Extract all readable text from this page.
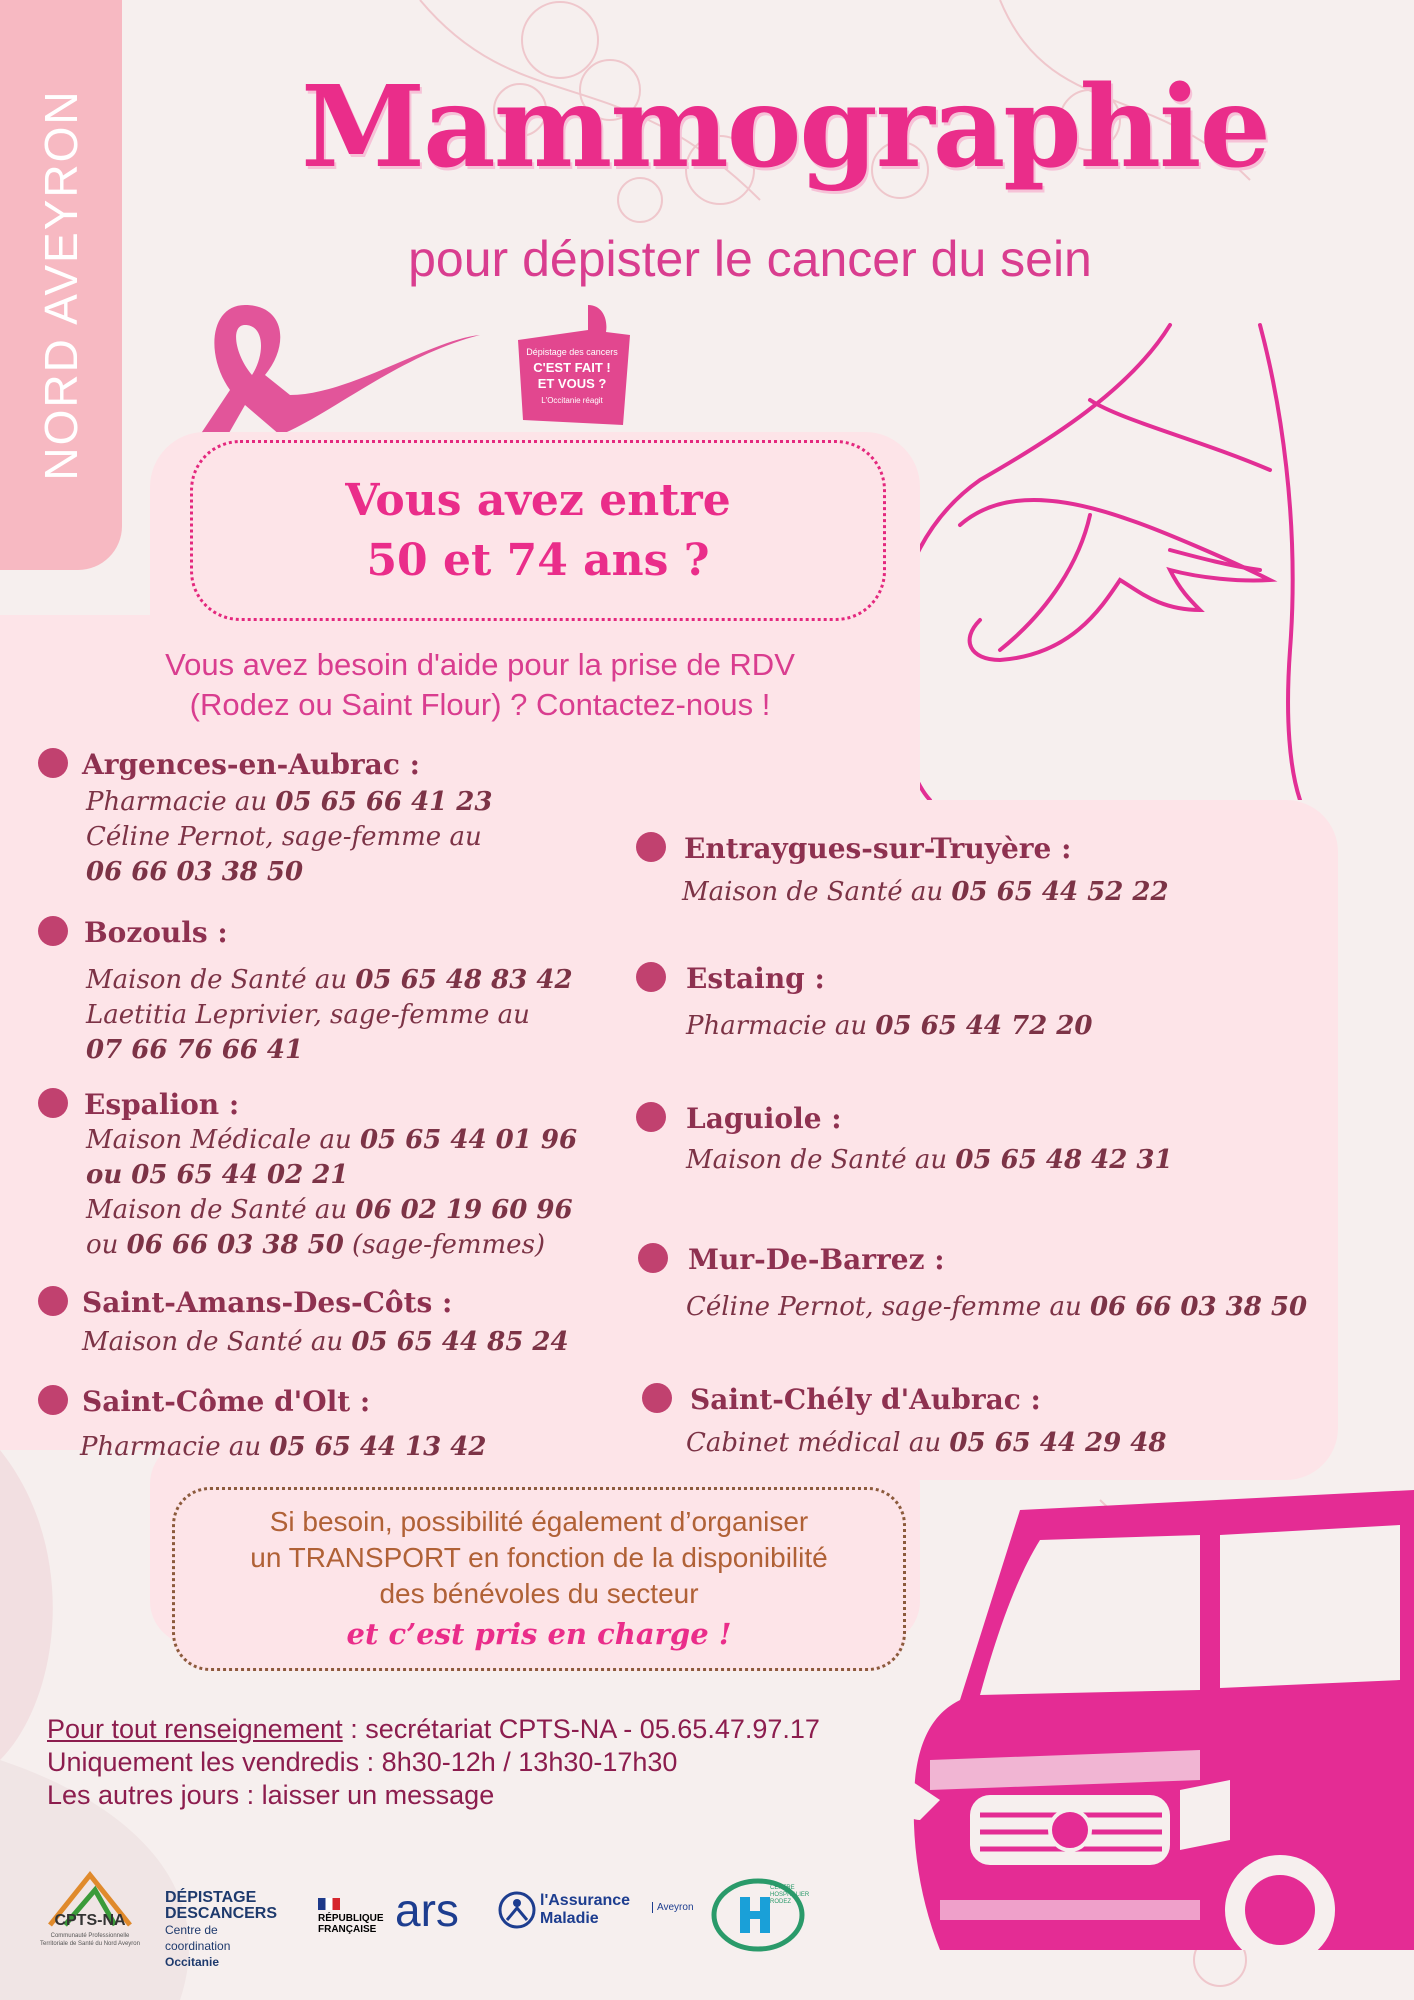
NORD AVEYRON	Mammographie
pour dépister le cancer du sein
Dépistage des cancers
C'EST FAIT !
ET VOUS ?
L'Occitanie réagit
Vous avez entre
50 et 74 ans ?
Vous avez besoin d'aide pour la prise de RDV
(Rodez ou Saint Flour) ? Contactez-nous !
Argences-en-Aubrac :
Pharmacie au 05 65 66 41 23
Céline Pernot, sage-femme au
06 66 03 38 50
Bozouls :
Maison de Santé au 05 65 48 83 42
Laetitia Leprivier, sage-femme au
07 66 76 66 41
Espalion :
Maison Médicale au 05 65 44 01 96
ou 05 65 44 02 21
Maison de Santé au 06 02 19 60 96
ou 06 66 03 38 50 (sage-femmes)
Saint-Amans-Des-Côts :
Maison de Santé au 05 65 44 85 24
Saint-Côme d'Olt :
Pharmacie au 05 65 44 13 42
Entraygues-sur-Truyère :
Maison de Santé au 05 65 44 52 22
Estaing :
Pharmacie au 05 65 44 72 20
Laguiole :
Maison de Santé au 05 65 48 42 31
Mur-De-Barrez :
Céline Pernot, sage-femme au 06 66 03 38 50
Saint-Chély d'Aubrac :
Cabinet médical au 05 65 44 29 48
Si besoin, possibilité également d’organiser
un TRANSPORT en fonction de la disponibilité
des bénévoles du secteur
et c’est pris en charge !
Pour tout renseignement : secrétariat CPTS-NA - 05.65.47.97.17
Uniquement les vendredis : 8h30-12h / 13h30-17h30
Les autres jours : laisser un message
CPTS-NA
Communauté Professionnelle Territoriale de Santé du Nord Aveyron
DÉPISTAGE
DESCANCERS
Centre de coordination
Occitanie
RÉPUBLIQUE
FRANÇAISE ars	l'Assurance
Maladie
Aveyron
CENTRE HOSPITALIER RODEZ
